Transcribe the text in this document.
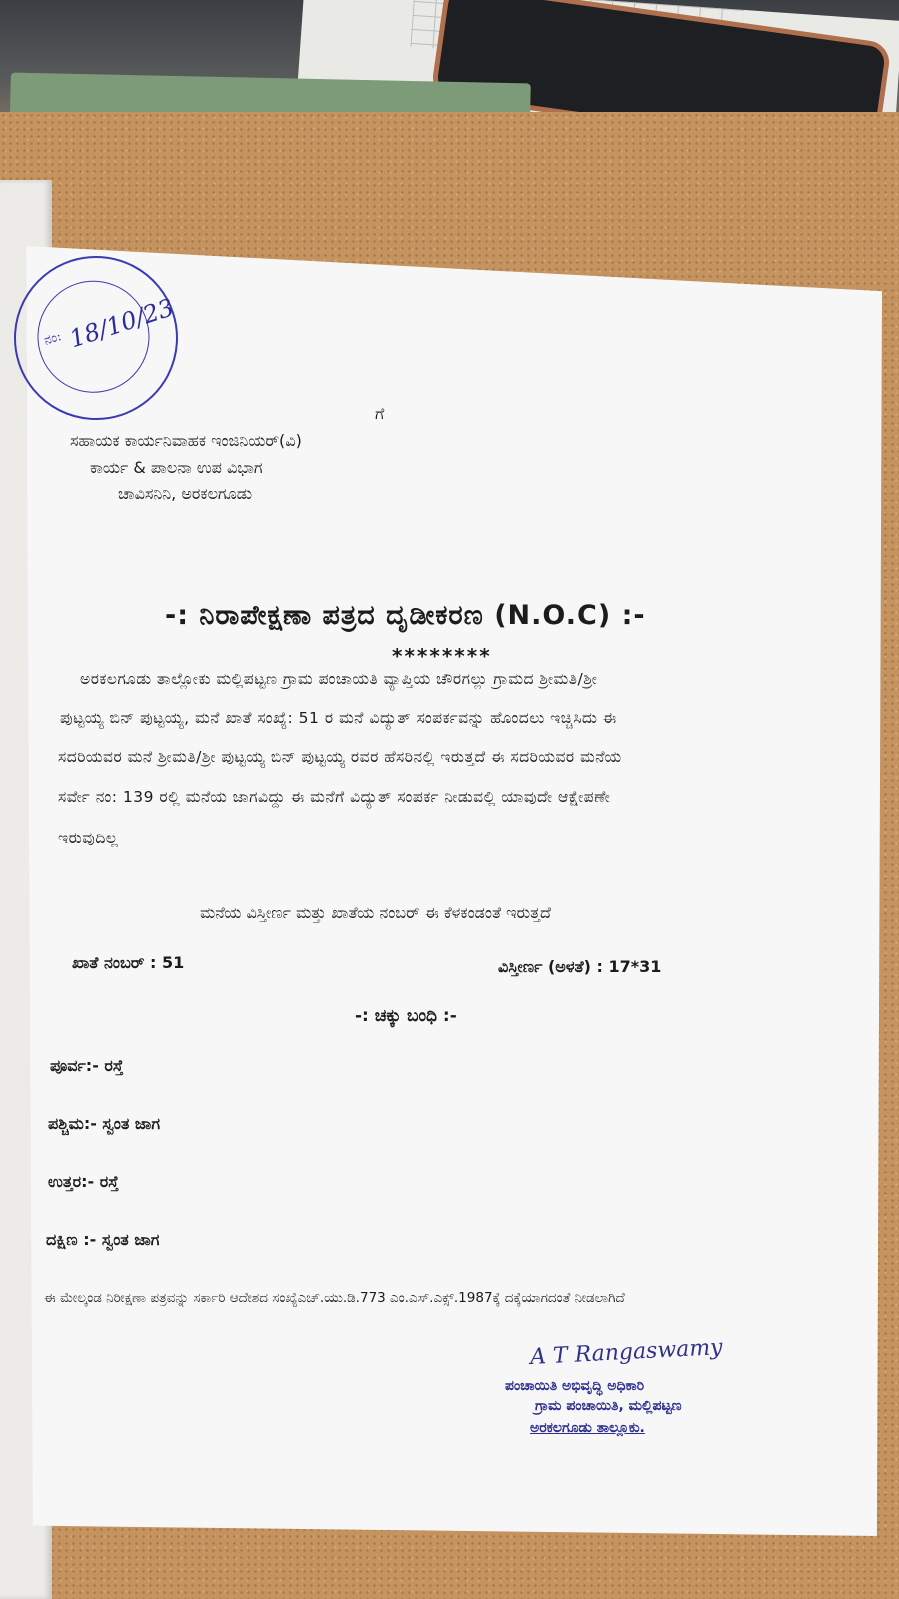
ನಂ: 18/10/23
ಗೆ
ಸಹಾಯಕ ಕಾರ್ಯನಿವಾಹಕ ಇಂಜಿನಿಯರ್(ವಿ)
ಕಾರ್ಯ & ಪಾಲನಾ ಉಪ ವಿಭಾಗ
ಚಾವಿಸನಿನಿ, ಅರಕಲಗೂಡು
-: ನಿರಾಪೇಕ್ಷಣಾ ಪತ್ರದ ದೃಡೀಕರಣ (N.O.C) :-
********
ಅರಕಲಗೂಡು ತಾಲ್ಲೋಕು ಮಲ್ಲಿಪಟ್ಟಣ ಗ್ರಾಮ ಪಂಚಾಯತಿ ವ್ಯಾಪ್ತಿಯ ಚೌರಗಲ್ಲು ಗ್ರಾಮದ ಶ್ರೀಮತಿ/ಶ್ರೀ
ಪುಟ್ಟಯ್ಯ ಬಿನ್ ಪುಟ್ಟಯ್ಯ, ಮನೆ ಖಾತೆ ಸಂಖ್ಯೆ: 51 ರ ಮನೆ ವಿದ್ಯುತ್ ಸಂಪರ್ಕವನ್ನು ಹೊಂದಲು ಇಚ್ಚಿಸಿದು ಈ
ಸದರಿಯವರ ಮನೆ ಶ್ರೀಮತಿ/ಶ್ರೀ ಪುಟ್ಟಯ್ಯ ಬಿನ್ ಪುಟ್ಟಯ್ಯ ರವರ ಹೆಸರಿನಲ್ಲಿ ಇರುತ್ತದೆ ಈ ಸದರಿಯವರ ಮನೆಯ
ಸರ್ವೇ ನಂ: 139 ರಲ್ಲಿ ಮನೆಯ ಜಾಗವಿದ್ದು ಈ ಮನೆಗೆ ವಿದ್ಯುತ್ ಸಂಪರ್ಕ ನೀಡುವಲ್ಲಿ ಯಾವುದೇ ಆಕ್ಷೇಪಣೇ
ಇರುವುದಿಲ್ಲ
ಮನೆಯ ವಿಸ್ತೀರ್ಣ ಮತ್ತು ಖಾತೆಯ ನಂಬರ್ ಈ ಕೆಳಕಂಡಂತೆ ಇರುತ್ತದೆ
ಖಾತೆ ನಂಬರ್ : 51	ವಿಸ್ತೀರ್ಣ (ಅಳತೆ) : 17*31
-: ಚಕ್ಕು ಬಂಧಿ :-
ಪೂರ್ವ:- ರಸ್ತೆ
ಪಶ್ಚಿಮ:- ಸ್ವಂತ ಜಾಗ
ಉತ್ತರ:- ರಸ್ತೆ
ದಕ್ಷಿಣ :- ಸ್ವಂತ ಜಾಗ
ಈ ಮೇಲ್ಕಂಡ ನಿರೀಕ್ಷಣಾ ಪತ್ರವನ್ನು ಸರ್ಕಾರಿ ಆದೇಶದ ಸಂಖ್ಯೆಎಚ್.ಯು.ಡಿ.773 ಎಂ.ಎಸ್.ಎಕ್ಸ್.1987ಕ್ಕೆ ದಕ್ಕೆಯಾಗದಂತೆ ನೀಡಲಾಗಿದೆ
A T Rangaswamy
ಪಂಚಾಯಿತಿ ಅಭಿವೃದ್ಧಿ ಅಧಿಕಾರಿ
ಗ್ರಾಮ ಪಂಚಾಯಿತಿ, ಮಲ್ಲಿಪಟ್ಟಣ
ಅರಕಲಗೂಡು ತಾಲ್ಲೂಕು.
